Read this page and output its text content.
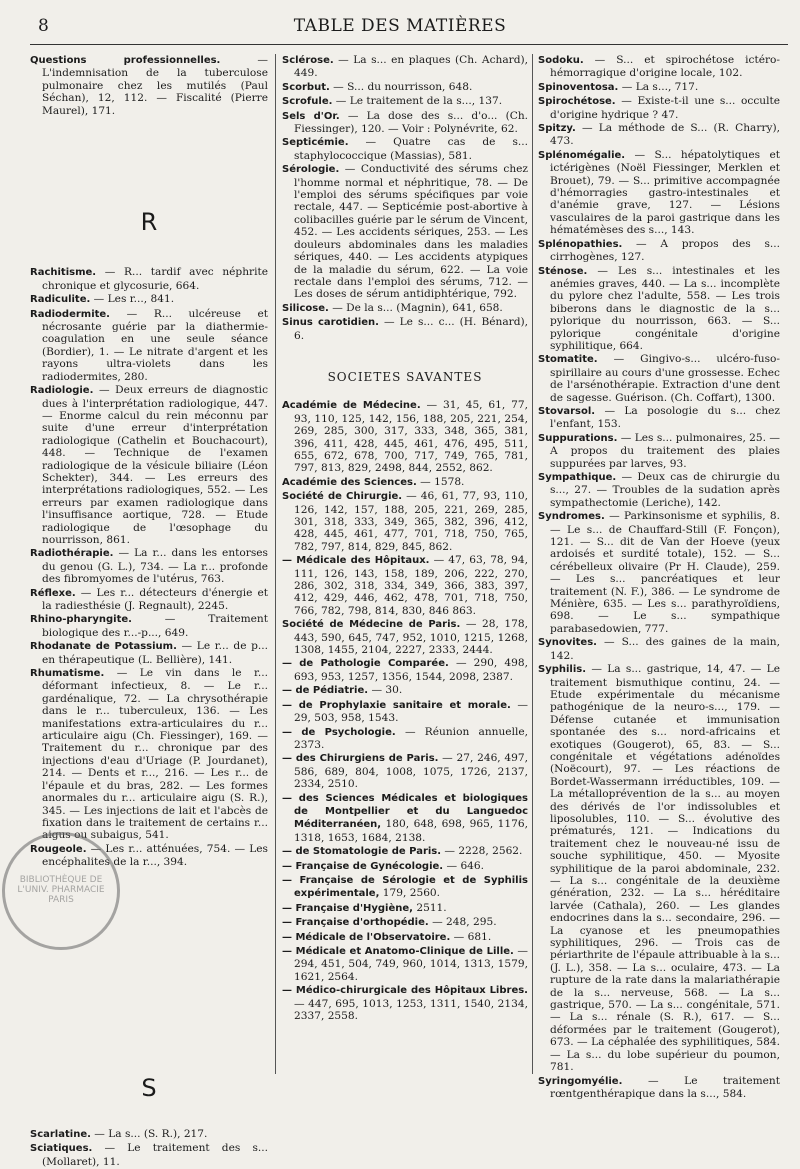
8	TABLE DES MATIÈRES

Questions professionnelles. — L'indemnisation de la tuberculose pulmonaire chez les mutilés (Paul Séchan), 12, 112. — Fiscalité (Pierre Maurel), 171.

R

Rachitisme. — R... tardif avec néphrite chronique et glycosurie, 664.

Radiculite. — Les r..., 841.

Radiodermite. — R... ulcéreuse et nécrosante guérie par la diathermie-coagulation en une seule séance (Bordier), 1. — Le nitrate d'argent et les rayons ultra-violets dans les radiodermites, 280.

Radiologie. — Deux erreurs de diagnostic dues à l'interprétation radiologique, 447. — Enorme calcul du rein méconnu par suite d'une erreur d'interprétation radiologique (Cathelin et Bouchacourt), 448. — Technique de l'examen radiologique de la vésicule biliaire (Léon Schekter), 344. — Les erreurs des interprétations radiologiques, 552. — Les erreurs par examen radiologique dans l'insuffisance aortique, 728. — Etude radiologique de l'œsophage du nourrisson, 861.

Radiothérapie. — La r... dans les entorses du genou (G. L.), 734. — La r... profonde des fibromyomes de l'utérus, 763.

Réflexe. — Les r... détecteurs d'énergie et la radiesthésie (J. Regnault), 2245.

Rhino-pharyngite. — Traitement biologique des r...-p..., 649.

Rhodanate de Potassium. — Le r... de p... en thérapeutique (L. Bellière), 141.

Rhumatisme. — Le vin dans le r... déformant infectieux, 8. — Le r... gardénalique, 72. — La chrysothérapie dans le r... tuberculeux, 136. — Les manifestations extra-articulaires du r... articulaire aigu (Ch. Fiessinger), 169. — Traitement du r... chronique par des injections d'eau d'Uriage (P. Jourdanet), 214. — Dents et r..., 216. — Les r... de l'épaule et du bras, 282. — Les formes anormales du r... articulaire aigu (S. R.), 345. — Les injections de lait et l'abcès de fixation dans le traitement de certains r... aigus ou subaigus, 541.

Rougeole. — Les r... atténuées, 754. — Les encéphalites de la r..., 394.

S

Scarlatine. — La s... (S. R.), 217.

Sciatiques. — Le traitement des s... (Mollaret), 11.

Sclérose. — La s... en plaques (Ch. Achard), 449.

Scorbut. — S... du nourrisson, 648.

Scrofule. — Le traitement de la s..., 137.

Sels d'Or. — La dose des s... d'o... (Ch. Fiessinger), 120. — Voir : Polynévrite, 62.

Septicémie. — Quatre cas de s... staphylococcique (Massias), 581.

Sérologie. — Conductivité des sérums chez l'homme normal et néphritique, 78. — De l'emploi des sérums spécifiques par voie rectale, 447. — Septicémie post-abortive à colibacilles guérie par le sérum de Vincent, 452. — Les accidents sériques, 253. — Les douleurs abdominales dans les maladies sériques, 440. — Les accidents atypiques de la maladie du sérum, 622. — La voie rectale dans l'emploi des sérums, 712. — Les doses de sérum antidiphtérique, 792.

Silicose. — De la s... (Magnin), 641, 658.

Sinus carotidien. — Le s... c... (H. Bénard), 6.

SOCIETES SAVANTES

Académie de Médecine. — 31, 45, 61, 77, 93, 110, 125, 142, 156, 188, 205, 221, 254, 269, 285, 300, 317, 333, 348, 365, 381, 396, 411, 428, 445, 461, 476, 495, 511, 655, 672, 678, 700, 717, 749, 765, 781, 797, 813, 829, 2498, 844, 2552, 862.

Académie des Sciences. — 1578.

Société de Chirurgie. — 46, 61, 77, 93, 110, 126, 142, 157, 188, 205, 221, 269, 285, 301, 318, 333, 349, 365, 382, 396, 412, 428, 445, 461, 477, 701, 718, 750, 765, 782, 797, 814, 829, 845, 862.

— Médicale des Hôpitaux. — 47, 63, 78, 94, 111, 126, 143, 158, 189, 206, 222, 270, 286, 302, 318, 334, 349, 366, 383, 397, 412, 429, 446, 462, 478, 701, 718, 750, 766, 782, 798, 814, 830, 846 863.

Société de Médecine de Paris. — 28, 178, 443, 590, 645, 747, 952, 1010, 1215, 1268, 1308, 1455, 2104, 2227, 2333, 2444.

— de Pathologie Comparée. — 290, 498, 693, 953, 1257, 1356, 1544, 2098, 2387.

— de Pédiatrie. — 30.

— de Prophylaxie sanitaire et morale. — 29, 503, 958, 1543.

— de Psychologie. — Réunion annuelle, 2373.

— des Chirurgiens de Paris. — 27, 246, 497, 586, 689, 804, 1008, 1075, 1726, 2137, 2334, 2510.

— des Sciences Médicales et biologiques de Montpellier et du Languedoc Méditerranéen, 180, 648, 698, 965, 1176, 1318, 1653, 1684, 2138.

— de Stomatologie de Paris. — 2228, 2562.

— Française de Gynécologie. — 646.

— Française de Sérologie et de Syphilis expérimentale, 179, 2560.

— Française d'Hygiène, 2511.

— Française d'orthopédie. — 248, 295.

— Médicale de l'Observatoire. — 681.

— Médicale et Anatomo-Clinique de Lille. — 294, 451, 504, 749, 960, 1014, 1313, 1579, 1621, 2564.

— Médico-chirurgicale des Hôpitaux Libres. — 447, 695, 1013, 1253, 1311, 1540, 2134, 2337, 2558.

Sodoku. — S... et spirochétose ictéro-hémorragique d'origine locale, 102.

Spinoventosa. — La s..., 717.

Spirochétose. — Existe-t-il une s... occulte d'origine hydrique ? 47.

Spitzy. — La méthode de S... (R. Charry), 473.

Splénomégalie. — S... hépatolytiques et ictérigènes (Noël Fiessinger, Merklen et Brouet), 79. — S... primitive accompagnée d'hémorragies gastro-intestinales et d'anémie grave, 127. — Lésions vasculaires de la paroi gastrique dans les hématémèses des s..., 143.

Splénopathies. — A propos des s... cirrhogènes, 127.

Sténose. — Les s... intestinales et les anémies graves, 440. — La s... incomplète du pylore chez l'adulte, 558. — Les trois biberons dans le diagnostic de la s... pylorique du nourrisson, 663. — S... pylorique congénitale d'origine syphilitique, 664.

Stomatite. — Gingivo-s... ulcéro-fuso-spirillaire au cours d'une grossesse. Echec de l'arsénothérapie. Extraction d'une dent de sagesse. Guérison. (Ch. Coffart), 1300.

Stovarsol. — La posologie du s... chez l'enfant, 153.

Suppurations. — Les s... pulmonaires, 25. — A propos du traitement des plaies suppurées par larves, 93.

Sympathique. — Deux cas de chirurgie du s..., 27. — Troubles de la sudation après sympathectomie (Leriche), 142.

Syndromes. — Parkinsonisme et syphilis, 8. — Le s... de Chauffard-Still (F. Fonçon), 121. — S... dit de Van der Hoeve (yeux ardoisés et surdité totale), 152. — S... cérébelleux olivaire (Pr H. Claude), 259. — Les s... pancréatiques et leur traitement (N. F.), 386. — Le syndrome de Ménière, 635. — Les s... parathyroïdiens, 698. — Le s... sympathique parabasedowien, 777.

Synovites. — S... des gaines de la main, 142.

Syphilis. — La s... gastrique, 14, 47. — Le traitement bismuthique continu, 24. — Etude expérimentale du mécanisme pathogénique de la neuro-s..., 179. — Défense cutanée et immunisation spontanée des s... nord-africains et exotiques (Gougerot), 65, 83. — S... congénitale et végétations adénoïdes (Noëcourt), 97. — Les réactions de Bordet-Wassermann irréductibles, 109. — La métalloprévention de la s... au moyen des dérivés de l'or indissolubles et liposolubles, 110. — S... évolutive des prématurés, 121. — Indications du traitement chez le nouveau-né issu de souche syphilitique, 450. — Myosite syphilitique de la paroi abdominale, 232. — La s... congénitale de la deuxième génération, 232. — La s... héréditaire larvée (Cathala), 260. — Les glandes endocrines dans la s... secondaire, 296. — La cyanose et les pneumopathies syphilitiques, 296. — Trois cas de périarthrite de l'épaule attribuable à la s... (J. L.), 358. — La s... oculaire, 473. — La rupture de la rate dans la malariathérapie de la s... nerveuse, 568. — La s... gastrique, 570. — La s... congénitale, 571. — La s... rénale (S. R.), 617. — S... déformées par le traitement (Gougerot), 673. — La céphalée des syphilitiques, 584. — La s... du lobe supérieur du poumon, 781.

Syringomyélie. — Le traitement rœntgenthérapique dans la s..., 584.

BIBLIOTHÈQUE DE L'UNIV. PHARMACIE PARIS
